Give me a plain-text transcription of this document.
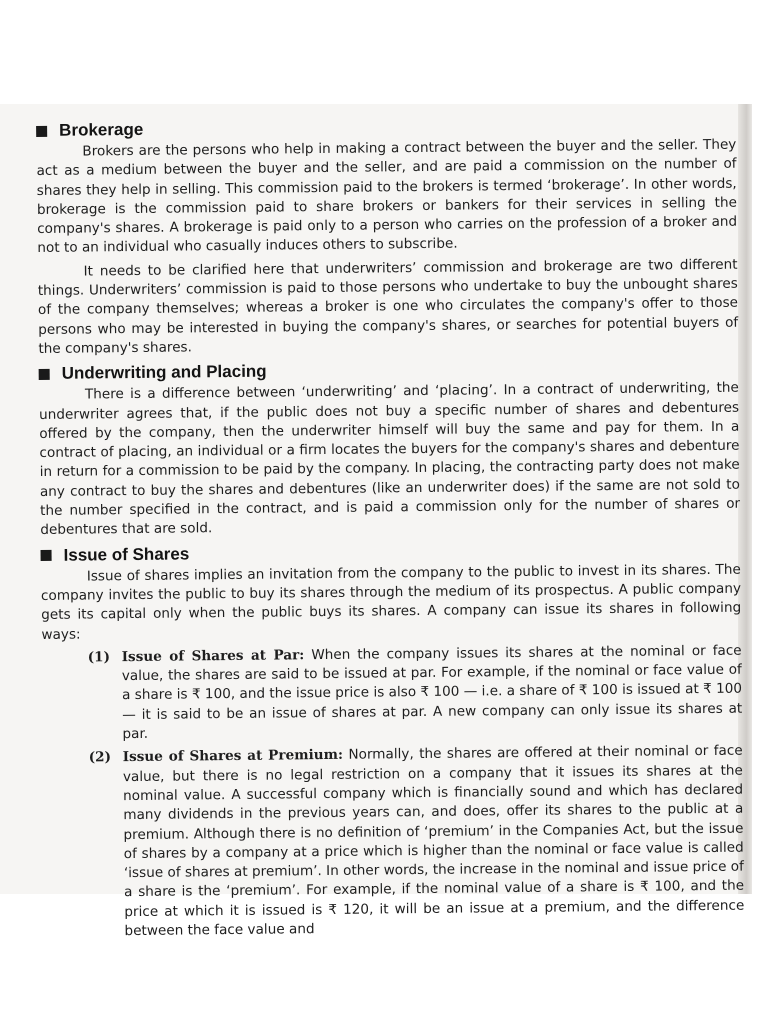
Brokerage

Brokers are the persons who help in making a contract between the buyer and the seller. They act as a medium between the buyer and the seller, and are paid a commission on the number of shares they help in selling. This commission paid to the brokers is termed ‘brokerage’. In other words, brokerage is the commission paid to share brokers or bankers for their services in selling the company's shares. A brokerage is paid only to a person who carries on the profession of a broker and not to an individual who casually induces others to subscribe.

It needs to be clarified here that underwriters’ commission and brokerage are two different things. Underwriters’ commission is paid to those persons who undertake to buy the unbought shares of the company themselves; whereas a broker is one who circulates the company's offer to those persons who may be interested in buying the company's shares, or searches for potential buyers of the company's shares.

Underwriting and Placing

There is a difference between ‘underwriting’ and ‘placing’. In a contract of underwriting, the underwriter agrees that, if the public does not buy a specific number of shares and debentures offered by the company, then the underwriter himself will buy the same and pay for them. In a contract of placing, an individual or a firm locates the buyers for the company's shares and debenture in return for a commission to be paid by the company. In placing, the contracting party does not make any contract to buy the shares and debentures (like an underwriter does) if the same are not sold to the number specified in the contract, and is paid a commission only for the number of shares or debentures that are sold.

Issue of Shares

Issue of shares implies an invitation from the company to the public to invest in its shares. The company invites the public to buy its shares through the medium of its prospectus. A public company gets its capital only when the public buys its shares. A company can issue its shares in following ways:

(1) Issue of Shares at Par: When the company issues its shares at the nominal or face value, the shares are said to be issued at par. For example, if the nominal or face value of a share is ₹ 100, and the issue price is also ₹ 100 — i.e. a share of ₹ 100 is issued at ₹ 100 — it is said to be an issue of shares at par. A new company can only issue its shares at par.
(2) Issue of Shares at Premium: Normally, the shares are offered at their nominal or face value, but there is no legal restriction on a company that it issues its shares at the nominal value. A successful company which is financially sound and which has declared many dividends in the previous years can, and does, offer its shares to the public at a premium. Although there is no definition of ‘premium’ in the Companies Act, but the issue of shares by a company at a price which is higher than the nominal or face value is called ‘issue of shares at premium’. In other words, the increase in the nominal and issue price of a share is the ‘premium’. For example, if the nominal value of a share is ₹ 100, and the price at which it is issued is ₹ 120, it will be an issue at a premium, and the difference between the face value and
